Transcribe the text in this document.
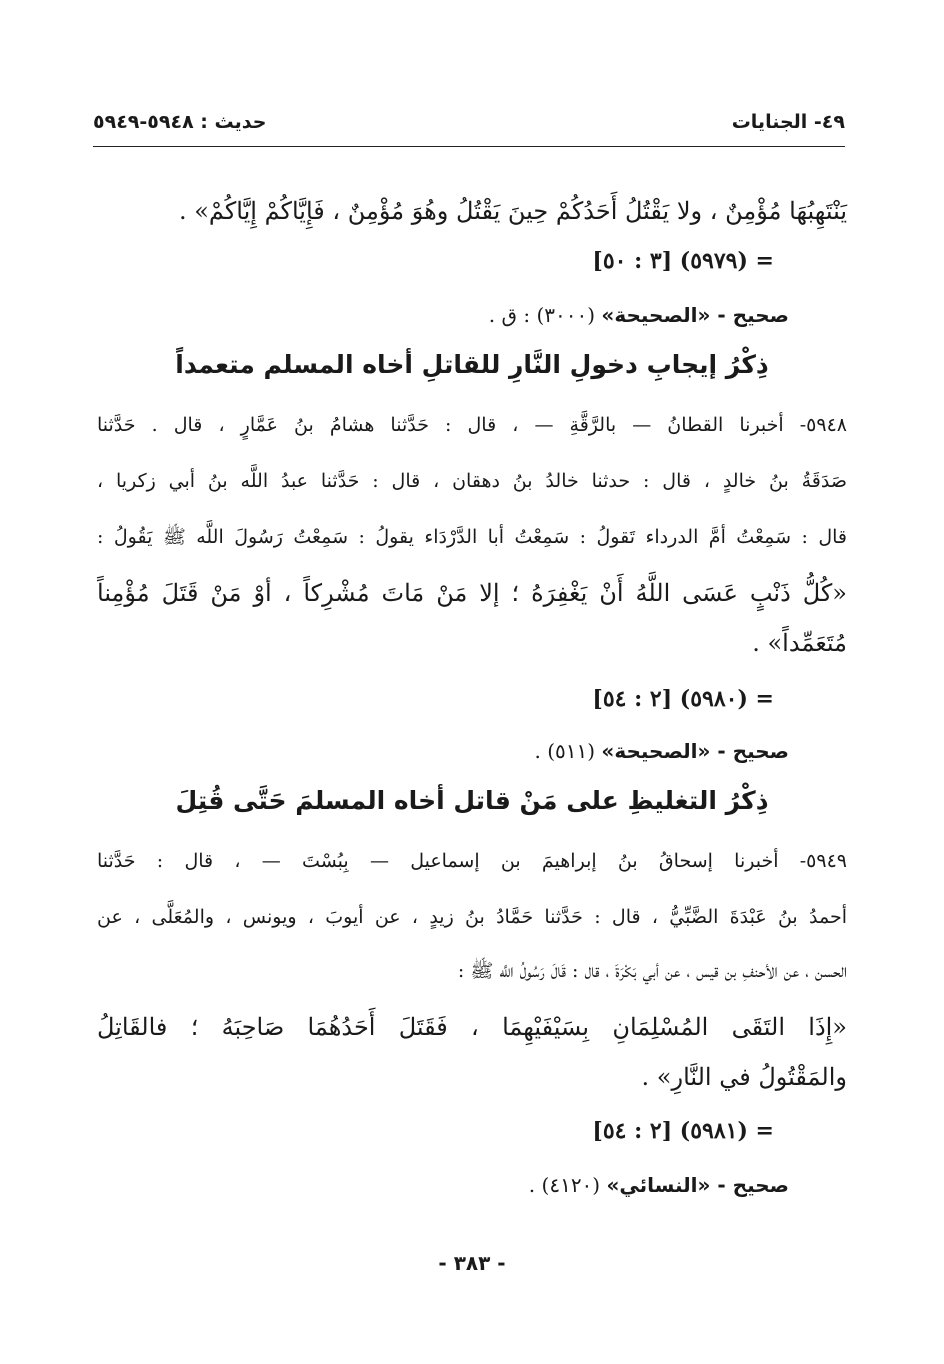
٤٩- الجنايات
حديث : ٥٩٤٨-٥٩٤٩
يَنْتَهِبُهَا مُؤْمِنٌ ، ولا يَقْتُلُ أَحَدُكُمْ حِينَ يَقْتُلُ وهُوَ مُؤْمِنٌ ، فَإِيَّاكُمْ إِيَّاكُمْ» .
= (٥٩٧٩) [٣ : ٥٠]
صحيح - «الصحيحة» (٣٠٠٠) : ق .
ذِكْرُ إيجابِ دخولِ النَّارِ للقاتلِ أخاه المسلم متعمداً
٥٩٤٨- أخبرنا القطانُ — بالرَّقَّةِ — ، قال : حَدَّثنا هشامُ بنُ عَمَّارٍ ، قال . حَدَّثنا
صَدَقَةُ بنُ خالدٍ ، قال : حدثنا خالدُ بنُ دهقان ، قال : حَدَّثنا عبدُ اللَّه بنُ أبي زكريا ،
قال : سَمِعْتُ أمَّ الدرداء تَقولُ : سَمِعْتُ أبا الدَّرْدَاء يقولُ : سَمِعْتُ رَسُولَ اللَّه ﷺ يَقُولُ :
«كُلُّ ذَنْبٍ عَسَى اللَّهُ أَنْ يَغْفِرَهُ ؛ إلا مَنْ مَاتَ مُشْرِكاً ، أوْ مَنْ قَتَلَ مُؤْمِناً
مُتَعَمِّداً» .
= (٥٩٨٠) [٢ : ٥٤]
صحيح - «الصحيحة» (٥١١) .
ذِكْرُ التغليظِ على مَنْ قاتل أخاه المسلمَ حَتَّى قُتِلَ
٥٩٤٩- أخبرنا إسحاقُ بنُ إبراهيمَ بن إسماعيل — بِبُسْتَ — ، قال : حَدَّثنا
أحمدُ بنُ عَبْدَةَ الضَّبِّيُّ ، قال : حَدَّثنا حَمَّادُ بنُ زيدٍ ، عن أيوبَ ، ويونس ، والمُعَلَّى ، عن
الحسن ، عن الأحنفِ بن قيس ، عن أبي بَكْرَةَ ، قال : قَالَ رَسُولُ اللَّه ﷺ :
«إِذَا التَقَى المُسْلِمَانِ بِسَيْفَيْهِمَا ، فَقَتَلَ أَحَدُهُمَا صَاحِبَهُ ؛ فالقَاتِلُ
والمَقْتُولُ في النَّارِ» .
= (٥٩٨١) [٢ : ٥٤]
صحيح - «النسائي» (٤١٢٠) .
- ٣٨٣ -
